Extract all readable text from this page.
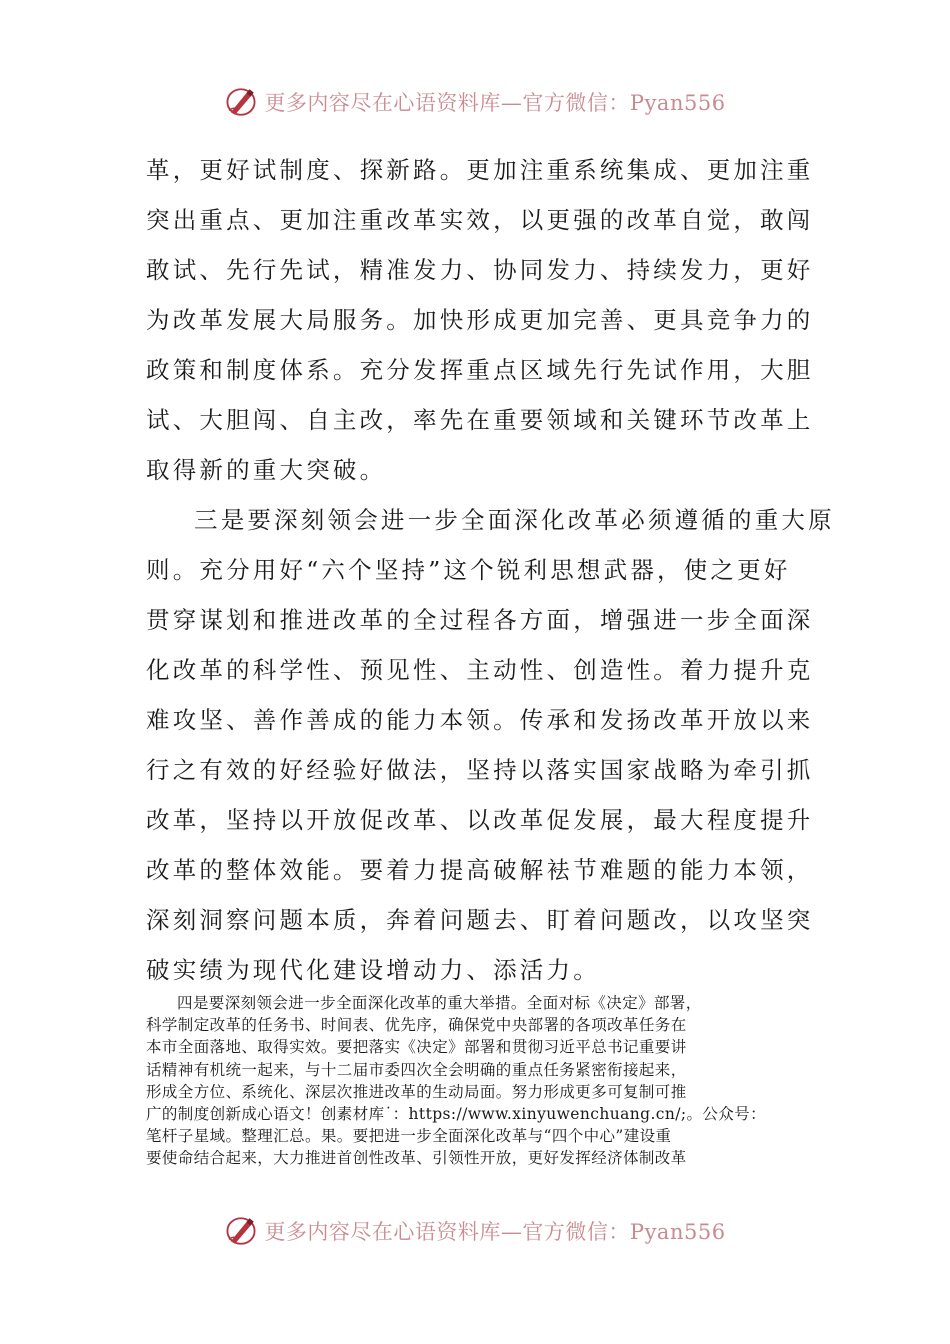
更多内容尽在心语资料库—官方微信：Pyan556

革，更好试制度、探新路。更加注重系统集成、更加注重
突出重点、更加注重改革实效，以更强的改革自觉，敢闯
敢试、先行先试，精准发力、协同发力、持续发力，更好
为改革发展大局服务。加快形成更加完善、更具竞争力的
政策和制度体系。充分发挥重点区域先行先试作用，大胆
试、大胆闯、自主改，率先在重要领域和关键环节改革上
取得新的重大突破。

三是要深刻领会进一步全面深化改革必须遵循的重大原
则。充分用好“六个坚持”这个锐利思想武器，使之更好
贯穿谋划和推进改革的全过程各方面，增强进一步全面深
化改革的科学性、预见性、主动性、创造性。着力提升克
难攻坚、善作善成的能力本领。传承和发扬改革开放以来
行之有效的好经验好做法，坚持以落实国家战略为牵引抓
改革，坚持以开放促改革、以改革促发展，最大程度提升
改革的整体效能。要着力提高破解袪节难题的能力本领，
深刻洞察问题本质，奔着问题去、盯着问题改，以攻坚突
破实绩为现代化建设增动力、添活力。

四是要深刻领会进一步全面深化改革的重大举措。全面对标《决定》部署，
科学制定改革的任务书、时间表、优先序，确保党中央部署的各项改革任务在
本市全面落地、取得实效。要把落实《决定》部署和贯彻习近平总书记重要讲
话精神有机统一起来，与十二届市委四次全会明确的重点任务紧密衔接起来，
形成全方位、系统化、深层次推进改革的生动局面。努力形成更多可复制可推
广的制度创新成心语文！创素材库˙：https://www.xinyuwenchuang.cn/;。公众号：
笔杆子星域。整理汇总。果。要把进一步全面深化改革与“四个中心”建设重
要使命结合起来，大力推进首创性改革、引领性开放，更好发挥经济体制改革

更多内容尽在心语资料库—官方微信：Pyan556
